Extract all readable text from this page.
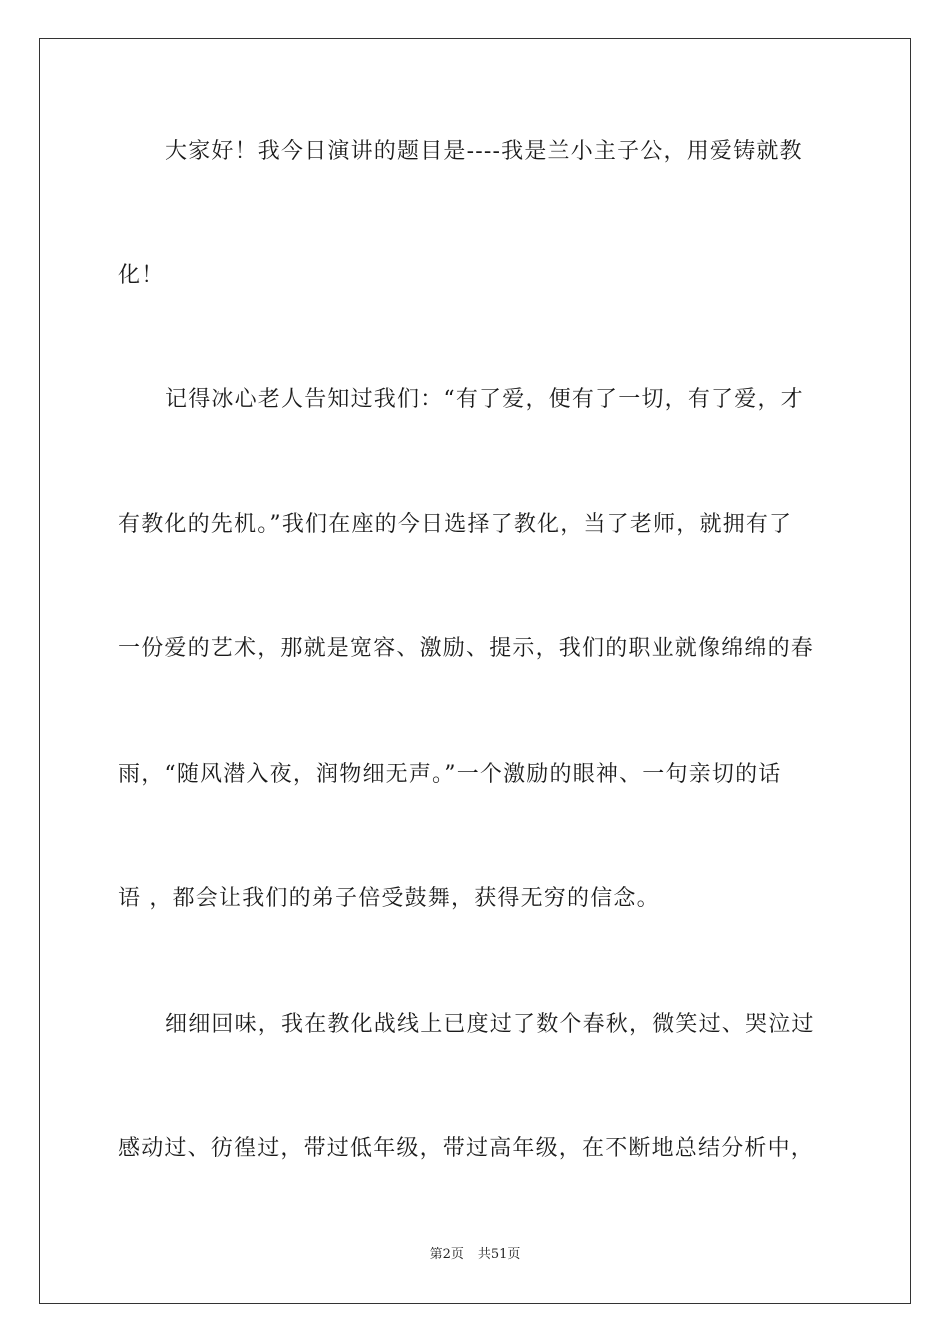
大家好！我今日演讲的题目是----我是兰小主子公，用爱铸就教
化！
记得冰心老人告知过我们：“有了爱，便有了一切，有了爱，才
有教化的先机。”我们在座的今日选择了教化，当了老师，就拥有了
一份爱的艺术，那就是宽容、激励、提示，我们的职业就像绵绵的春
雨，“随风潜入夜，润物细无声。”一个激励的眼神、一句亲切的话
语 ，都会让我们的弟子倍受鼓舞，获得无穷的信念。
细细回味，我在教化战线上已度过了数个春秋，微笑过、哭泣过
感动过、彷徨过，带过低年级，带过高年级，在不断地总结分析中，
第2页 共51页
